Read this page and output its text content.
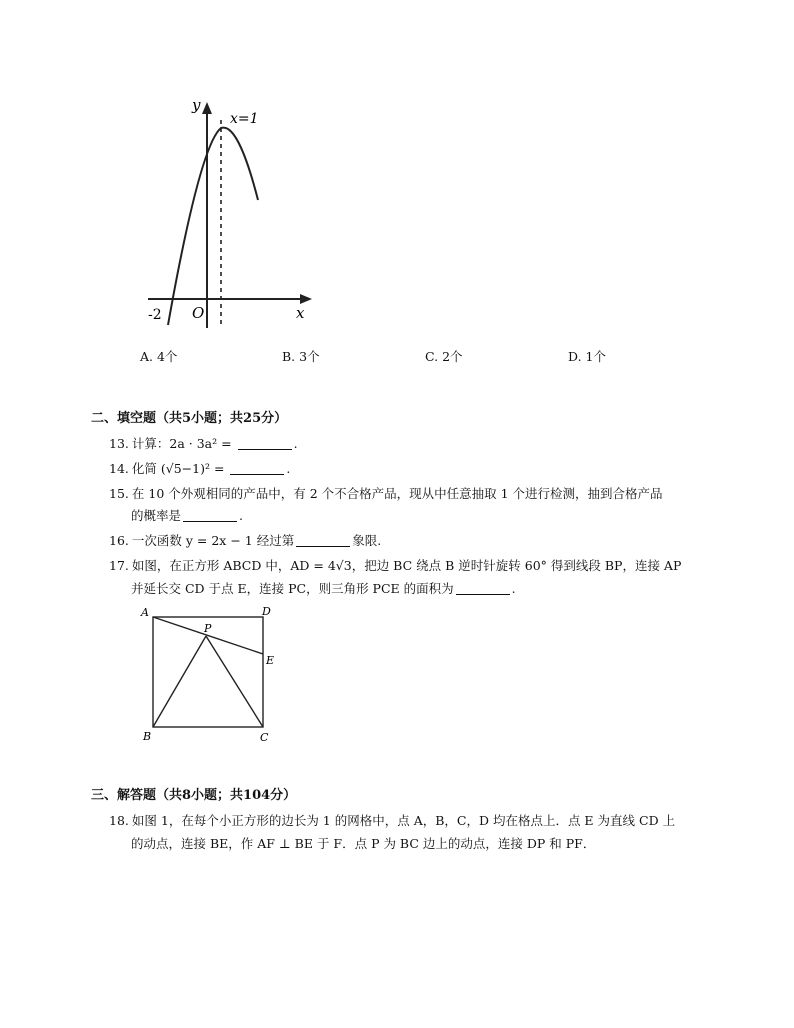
y
x
O
x=1
-2
A. 4个	B. 3个	C. 2个	D. 1个
二、填空题（共5小题；共25分）
13. 计算：2a · 3a² =	.
14. 化简 (√5−1)² =	.
15. 在 10 个外观相同的产品中，有 2 个不合格产品，现从中任意抽取 1 个进行检测，抽到合格产品
的概率是	.
16. 一次函数 y = 2x − 1 经过第	象限.
17. 如图，在正方形 ABCD 中，AD = 4√3，把边 BC 绕点 B 逆时针旋转 60° 得到线段 BP，连接 AP
并延长交 CD 于点 E，连接 PC，则三角形 PCE 的面积为	.
A	D
P
E
B	C
三、解答题（共8小题；共104分）
18. 如图 1，在每个小正方形的边长为 1 的网格中，点 A，B，C，D 均在格点上．点 E 为直线 CD 上
的动点，连接 BE，作 AF ⊥ BE 于 F．点 P 为 BC 边上的动点，连接 DP 和 PF．
